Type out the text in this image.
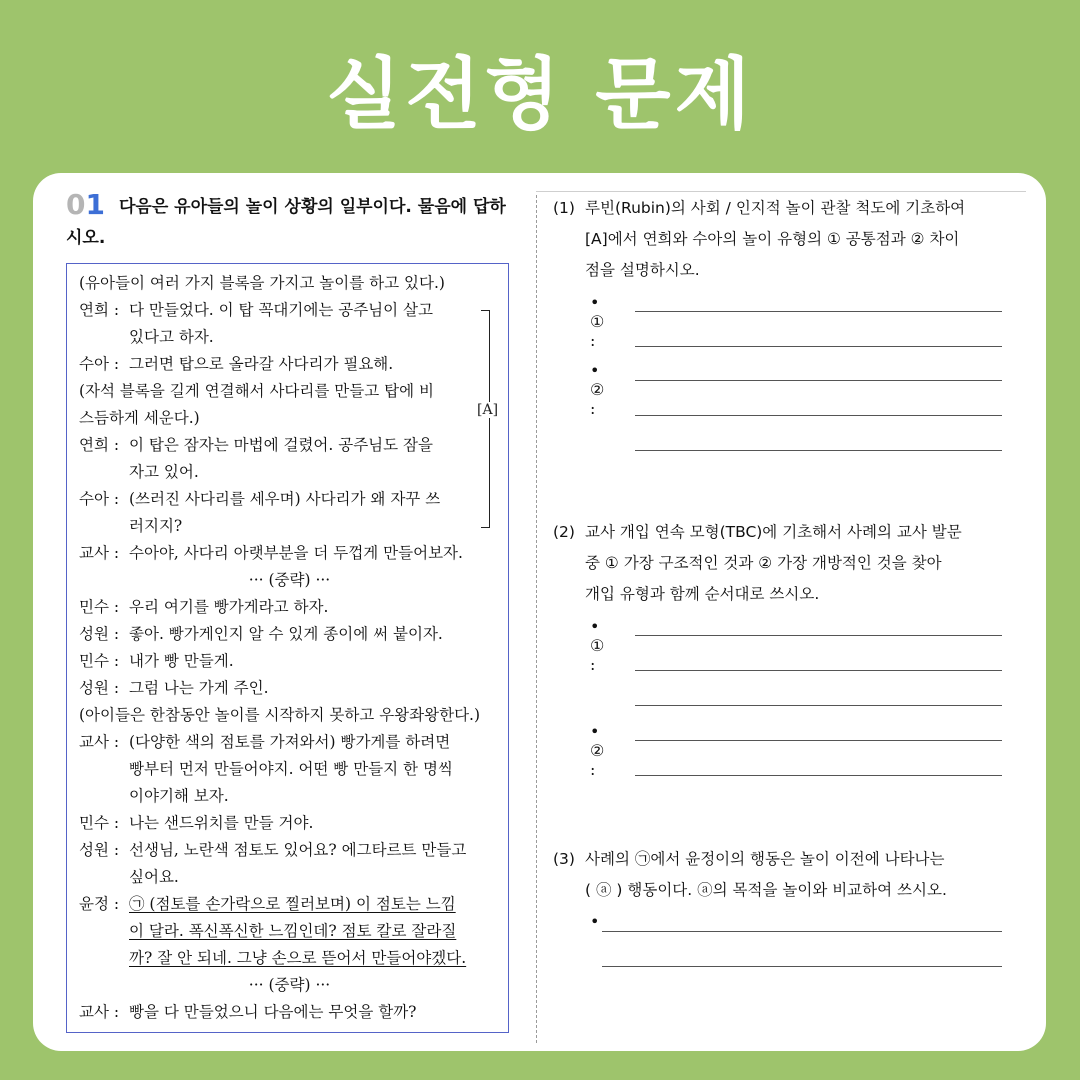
실전형 문제
01 다음은 유아들의 놀이 상황의 일부이다. 물음에 답하
시오.
(유아들이 여러 가지 블록을 가지고 놀이를 하고 있다.)
연희 : 다 만들었다. 이 탑 꼭대기에는 공주님이 살고
있다고 하자.
수아 : 그러면 탑으로 올라갈 사다리가 필요해.
(자석 블록을 길게 연결해서 사다리를 만들고 탑에 비
스듬하게 세운다.)
연희 : 이 탑은 잠자는 마법에 걸렸어. 공주님도 잠을
자고 있어.
수아 : (쓰러진 사다리를 세우며) 사다리가 왜 자꾸 쓰
러지지?
교사 : 수아야, 사다리 아랫부분을 더 두껍게 만들어보자.
··· (중략) ···
민수 : 우리 여기를 빵가게라고 하자.
성원 : 좋아. 빵가게인지 알 수 있게 종이에 써 붙이자.
민수 : 내가 빵 만들게.
성원 : 그럼 나는 가게 주인.
(아이들은 한참동안 놀이를 시작하지 못하고 우왕좌왕한다.)
교사 : (다양한 색의 점토를 가져와서) 빵가게를 하려면
빵부터 먼저 만들어야지. 어떤 빵 만들지 한 명씩
이야기해 보자.
민수 : 나는 샌드위치를 만들 거야.
성원 : 선생님, 노란색 점토도 있어요? 에그타르트 만들고
싶어요.
윤정 : ㉠ (점토를 손가락으로 찔러보며) 이 점토는 느낌
이 달라. 폭신폭신한 느낌인데? 점토 칼로 잘라질
까? 잘 안 되네. 그냥 손으로 뜯어서 만들어야겠다.
··· (중략) ···
교사 : 빵을 다 만들었으니 다음에는 무엇을 할까?
[A]
(1) 루빈(Rubin)의 사회 / 인지적 놀이 관찰 척도에 기초하여
[A]에서 연희와 수아의 놀이 유형의 ① 공통점과 ② 차이
점을 설명하시오.
• ① :
• ② :
(2) 교사 개입 연속 모형(TBC)에 기초해서 사례의 교사 발문
중 ① 가장 구조적인 것과 ② 가장 개방적인 것을 찾아
개입 유형과 함께 순서대로 쓰시오.
• ① :
• ② :
(3) 사례의 ㉠에서 윤정이의 행동은 놀이 이전에 나타나는
( ⓐ ) 행동이다. ⓐ의 목적을 놀이와 비교하여 쓰시오.
•
